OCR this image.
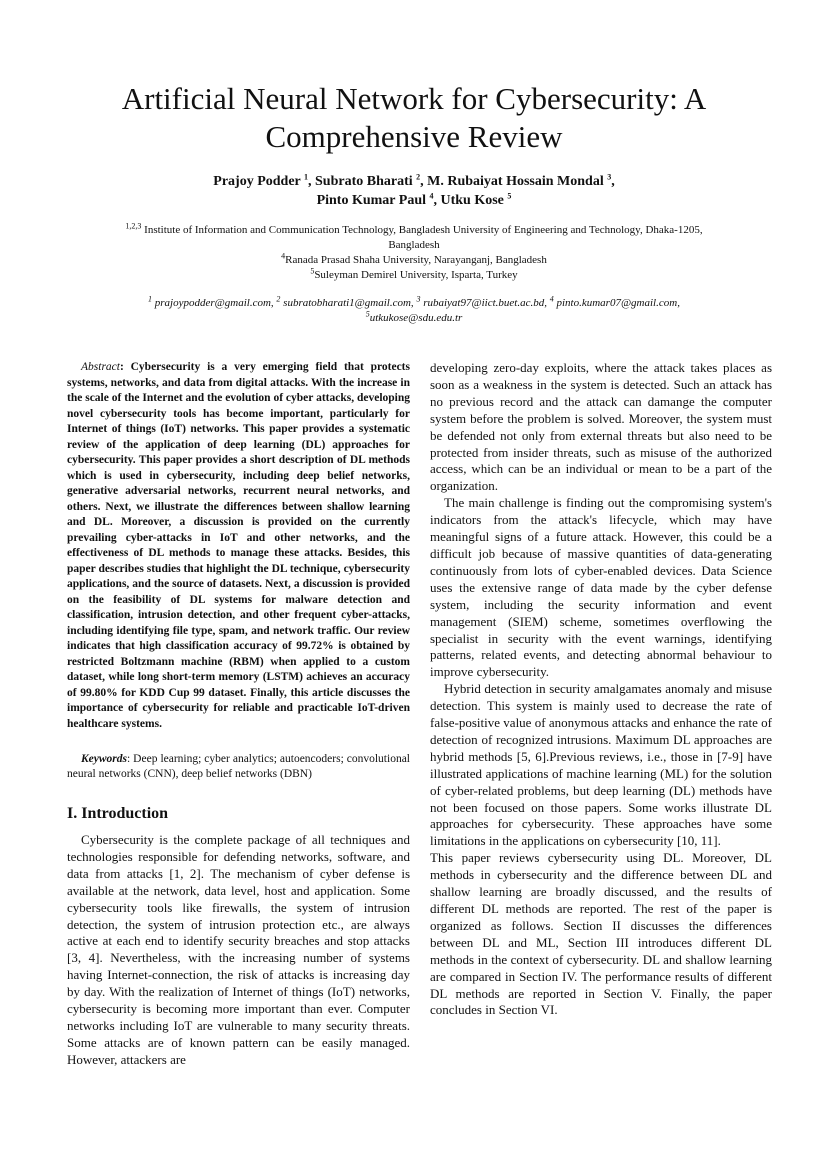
Artificial Neural Network for Cybersecurity: A
Comprehensive Review
Prajoy Podder $^1$, Subrato Bharati $^2$, M. Rubaiyat Hossain Mondal $^3$,
Pinto Kumar Paul $^4$, Utku Kose $^5$
$^{1,2,3}$ Institute of Information and Communication Technology, Bangladesh University of Engineering and Technology, Dhaka-1205,
Bangladesh
$^4$Ranada Prasad Shaha University, Narayanganj, Bangladesh
$^5$Suleyman Demirel University, Isparta, Turkey
$^1$ prajoypodder@gmail.com, $^2$ subratobharati1@gmail.com, $^3$ rubaiyat97@iict.buet.ac.bd, $^4$ pinto.kumar07@gmail.com,
$^5$utkukose@sdu.edu.tr

Abstract: Cybersecurity is a very emerging field that protects systems, networks, and data from digital attacks. With the increase in the scale of the Internet and the evolution of cyber attacks, developing novel cybersecurity tools has become important, particularly for Internet of things (IoT) networks. This paper provides a systematic review of the application of deep learning (DL) approaches for cybersecurity. This paper provides a short description of DL methods which is used in cybersecurity, including deep belief networks, generative adversarial networks, recurrent neural networks, and others. Next, we illustrate the differences between shallow learning and DL. Moreover, a discussion is provided on the currently prevailing cyber-attacks in IoT and other networks, and the effectiveness of DL methods to manage these attacks. Besides, this paper describes studies that highlight the DL technique, cybersecurity applications, and the source of datasets. Next, a discussion is provided on the feasibility of DL systems for malware detection and classification, intrusion detection, and other frequent cyber-attacks, including identifying file type, spam, and network traffic. Our review indicates that high classification accuracy of 99.72% is obtained by restricted Boltzmann machine (RBM) when applied to a custom dataset, while long short-term memory (LSTM) achieves an accuracy of 99.80% for KDD Cup 99 dataset. Finally, this article discusses the importance of cybersecurity for reliable and practicable IoT-driven healthcare systems.

Keywords: Deep learning; cyber analytics; autoencoders; convolutional neural networks (CNN), deep belief networks (DBN)

I. Introduction

Cybersecurity is the complete package of all techniques and technologies responsible for defending networks, software, and data from attacks [1, 2]. The mechanism of cyber defense is available at the network, data level, host and application. Some cybersecurity tools like firewalls, the system of intrusion detection, the system of intrusion protection etc., are always active at each end to identify security breaches and stop attacks [3, 4]. Nevertheless, with the increasing number of systems having Internet-connection, the risk of attacks is increasing day by day. With the realization of Internet of things (IoT) networks, cybersecurity is becoming more important than ever. Computer networks including IoT are vulnerable to many security threats. Some attacks are of known pattern can be easily managed. However, attackers are

developing zero-day exploits, where the attack takes places as soon as a weakness in the system is detected. Such an attack has no previous record and the attack can damange the computer system before the problem is solved. Moreover, the system must be defended not only from external threats but also need to be protected from insider threats, such as misuse of the authorized access, which can be an individual or mean to be a part of the organization.

The main challenge is finding out the compromising system's indicators from the attack's lifecycle, which may have meaningful signs of a future attack. However, this could be a difficult job because of massive quantities of data-generating continuously from lots of cyber-enabled devices. Data Science uses the extensive range of data made by the cyber defense system, including the security information and event management (SIEM) scheme, sometimes overflowing the specialist in security with the event warnings, identifying patterns, related events, and detecting abnormal behaviour to improve cybersecurity.

Hybrid detection in security amalgamates anomaly and misuse detection. This system is mainly used to decrease the rate of false-positive value of anonymous attacks and enhance the rate of detection of recognized intrusions. Maximum DL approaches are hybrid methods [5, 6].Previous reviews, i.e., those in [7-9] have illustrated applications of machine learning (ML) for the solution of cyber-related problems, but deep learning (DL) methods have not been focused on those papers. Some works illustrate DL approaches for cybersecurity. These approaches have some limitations in the applications on cybersecurity [10, 11].

This paper reviews cybersecurity using DL. Moreover, DL methods in cybersecurity and the difference between DL and shallow learning are broadly discussed, and the results of different DL methods are reported. The rest of the paper is organized as follows. Section II discusses the differences between DL and ML, Section III introduces different DL methods in the context of cybersecurity. DL and shallow learning are compared in Section IV. The performance results of different DL methods are reported in Section V. Finally, the paper concludes in Section VI.
